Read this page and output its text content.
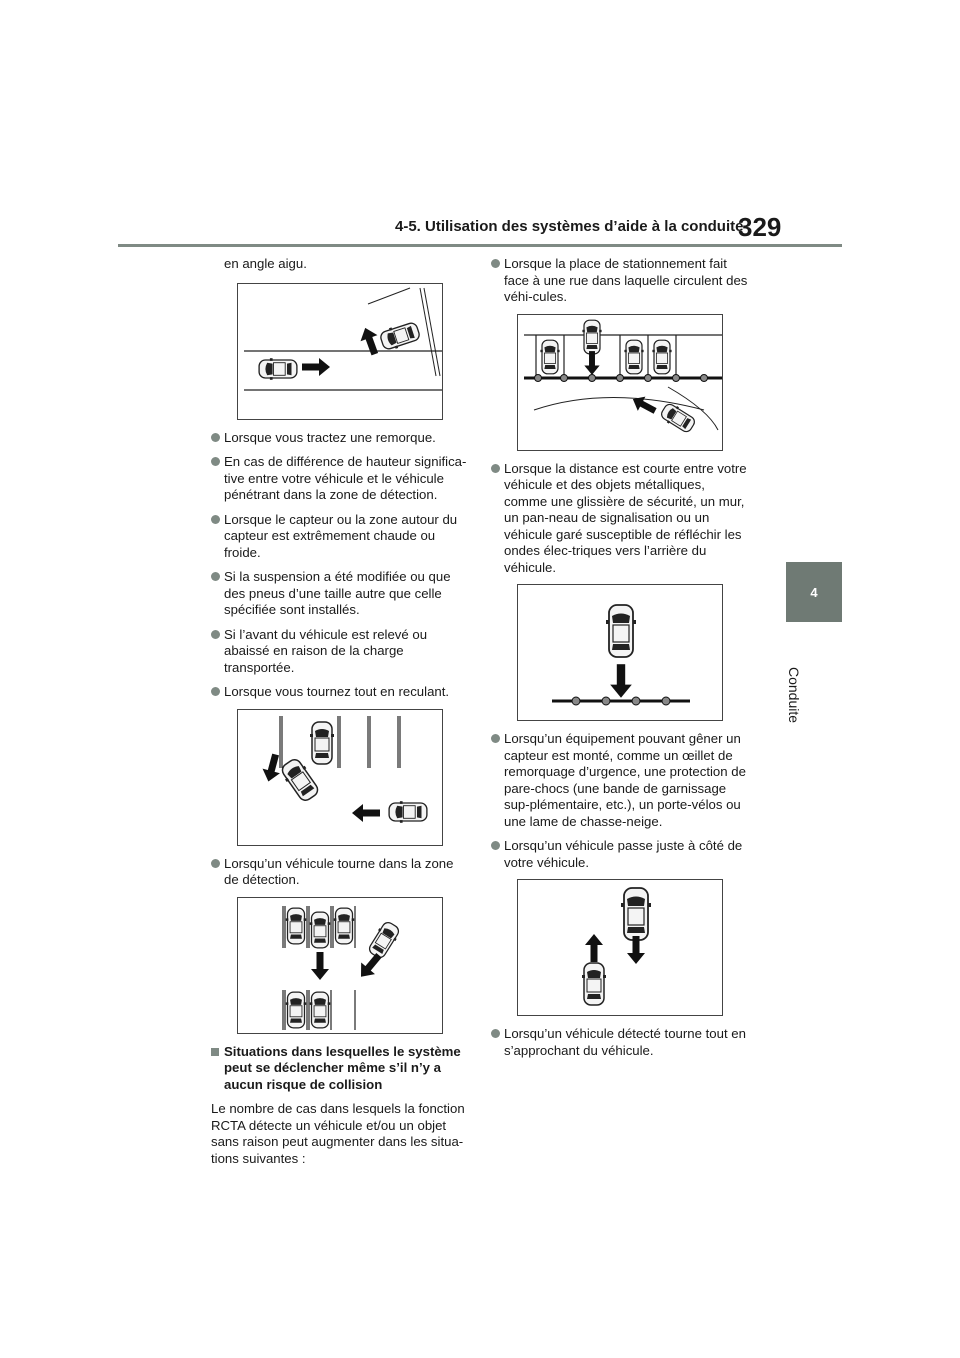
4-5. Utilisation des systèmes d’aide à la conduite
329
4
Conduite

en angle aigu.

Lorsque vous tractez une remorque.
En cas de différence de hauteur significa-tive entre votre véhicule et le véhicule pénétrant dans la zone de détection.
Lorsque le capteur ou la zone autour du capteur est extrêmement chaude ou froide.
Si la suspension a été modifiée ou que des pneus d’une taille autre que celle spécifiée sont installés.
Si l’avant du véhicule est relevé ou abaissé en raison de la charge transportée.
Lorsque vous tournez tout en reculant.
Lorsqu’un véhicule tourne dans la zone de détection.
Situations dans lesquelles le système peut se déclencher même s’il n’y a aucun risque de collision

Le nombre de cas dans lesquels la fonction RCTA détecte un véhicule et/ou un objet sans raison peut augmenter dans les situa-tions suivantes :

Lorsque la place de stationnement fait face à une rue dans laquelle circulent des véhi-cules.
Lorsque la distance est courte entre votre véhicule et des objets métalliques, comme une glissière de sécurité, un mur, un pan-neau de signalisation ou un véhicule garé susceptible de réfléchir les ondes élec-triques vers l’arrière du véhicule.
Lorsqu’un équipement pouvant gêner un capteur est monté, comme un œillet de remorquage d’urgence, une protection de pare-chocs (une bande de garnissage sup-plémentaire, etc.), un porte-vélos ou une lame de chasse-neige.
Lorsqu’un véhicule passe juste à côté de votre véhicule.
Lorsqu’un véhicule détecté tourne tout en s’approchant du véhicule.
